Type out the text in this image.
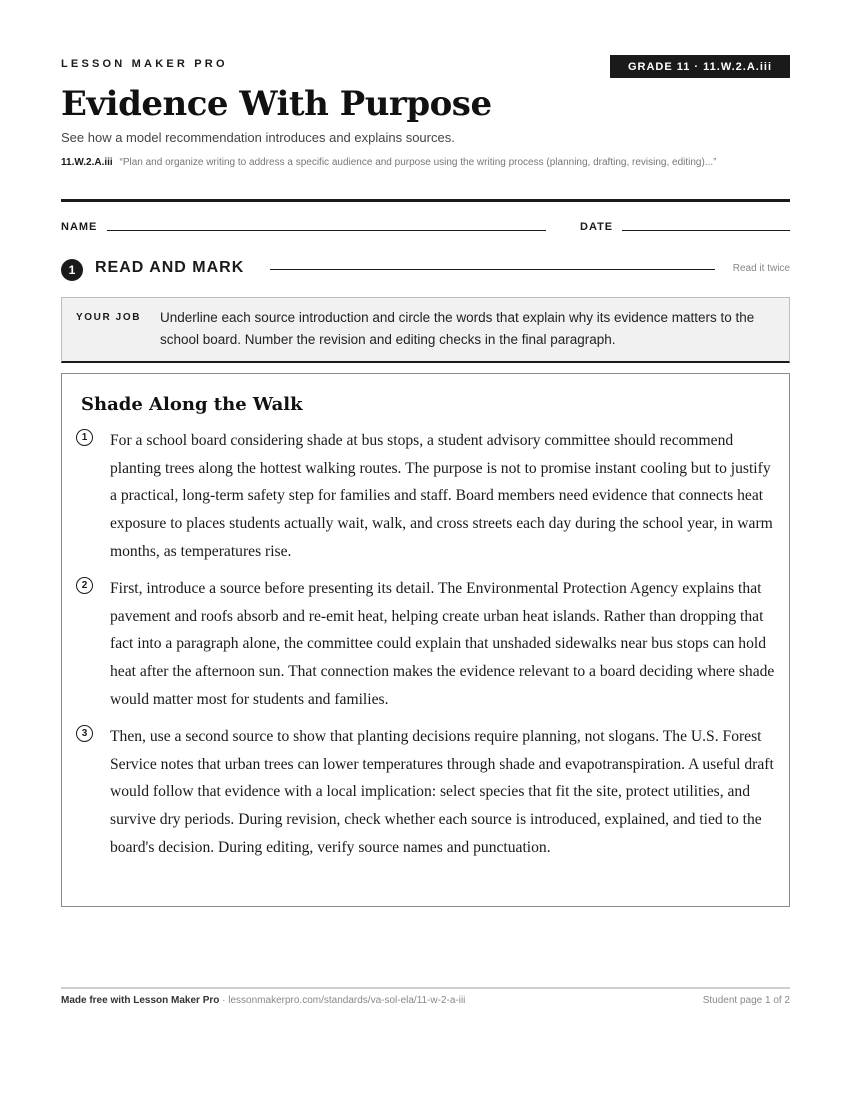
LESSON MAKER PRO	GRADE 11 · 11.W.2.A.iii
Evidence With Purpose
See how a model recommendation introduces and explains sources.
11.W.2.A.iii “Plan and organize writing to address a specific audience and purpose using the writing process (planning, drafting, revising, editing)...”
NAME	DATE
1	READ AND MARK	Read it twice
YOUR JOB Underline each source introduction and circle the words that explain why its evidence matters to the school board. Number the revision and editing checks in the final paragraph.
Shade Along the Walk
1	For a school board considering shade at bus stops, a student advisory committee should recommend planting trees along the hottest walking routes. The purpose is not to promise instant cooling but to justify a practical, long-term safety step for families and staff. Board members need evidence that connects heat exposure to places students actually wait, walk, and cross streets each day during the school year, in warm months, as temperatures rise.

2	First, introduce a source before presenting its detail. The Environmental Protection Agency explains that pavement and roofs absorb and re-emit heat, helping create urban heat islands. Rather than dropping that fact into a paragraph alone, the committee could explain that unshaded sidewalks near bus stops can hold heat after the afternoon sun. That connection makes the evidence relevant to a board deciding where shade would matter most for students and families.

3	Then, use a second source to show that planting decisions require planning, not slogans. The U.S. Forest Service notes that urban trees can lower temperatures through shade and evapotranspiration. A useful draft would follow that evidence with a local implication: select species that fit the site, protect utilities, and survive dry periods. During revision, check whether each source is introduced, explained, and tied to the board's decision. During editing, verify source names and punctuation.

Made free with Lesson Maker Pro · lessonmakerpro.com/standards/va-sol-ela/11-w-2-a-iii	Student page 1 of 2
